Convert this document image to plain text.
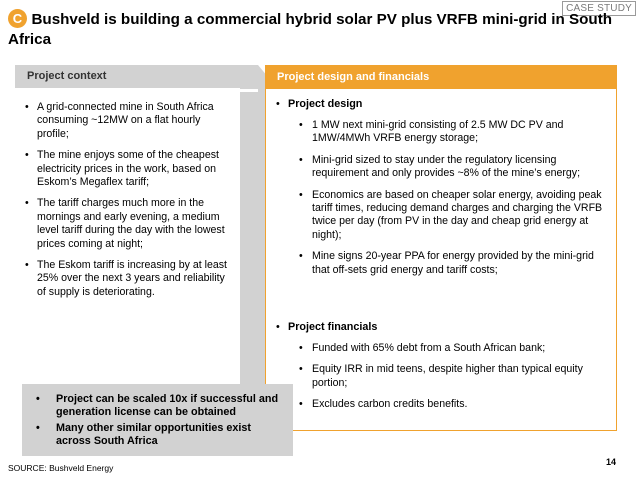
CASE STUDY
C Bushveld is building a commercial hybrid solar PV plus VRFB mini-grid in South Africa
Project context
• A grid-connected mine in South Africa consuming ~12MW on a flat hourly profile;
• The mine enjoys some of the cheapest electricity prices in the work, based on Eskom’s Megaflex tariff;
• The tariff charges much more in the mornings and early evening, a medium level tariff during the day with the lowest prices coming at night;
• The Eskom tariff is increasing by at least 25% over the next 3 years and reliability of supply is deteriorating.
Project design and financials
• Project design
• 1 MW next mini-grid consisting of 2.5 MW DC PV and 1MW/4MWh VRFB energy storage;
• Mini-grid sized to stay under the regulatory licensing requirement and only provides ~8% of the mine’s energy;
• Economics are based on cheaper solar energy, avoiding peak tariff times, reducing demand charges and charging the VRFB twice per day (from PV in the day and cheap grid energy at night);
• Mine signs 20-year PPA for energy provided by the mini-grid that off-sets grid energy and tariff costs;
• Project financials
• Funded with 65% debt from a South African bank;
• Equity IRR in mid teens, despite higher than typical equity portion;
• Excludes carbon credits benefits.
• Project can be scaled 10x if successful and generation license can be obtained
• Many other similar opportunities exist across South Africa
SOURCE: Bushveld Energy
14
